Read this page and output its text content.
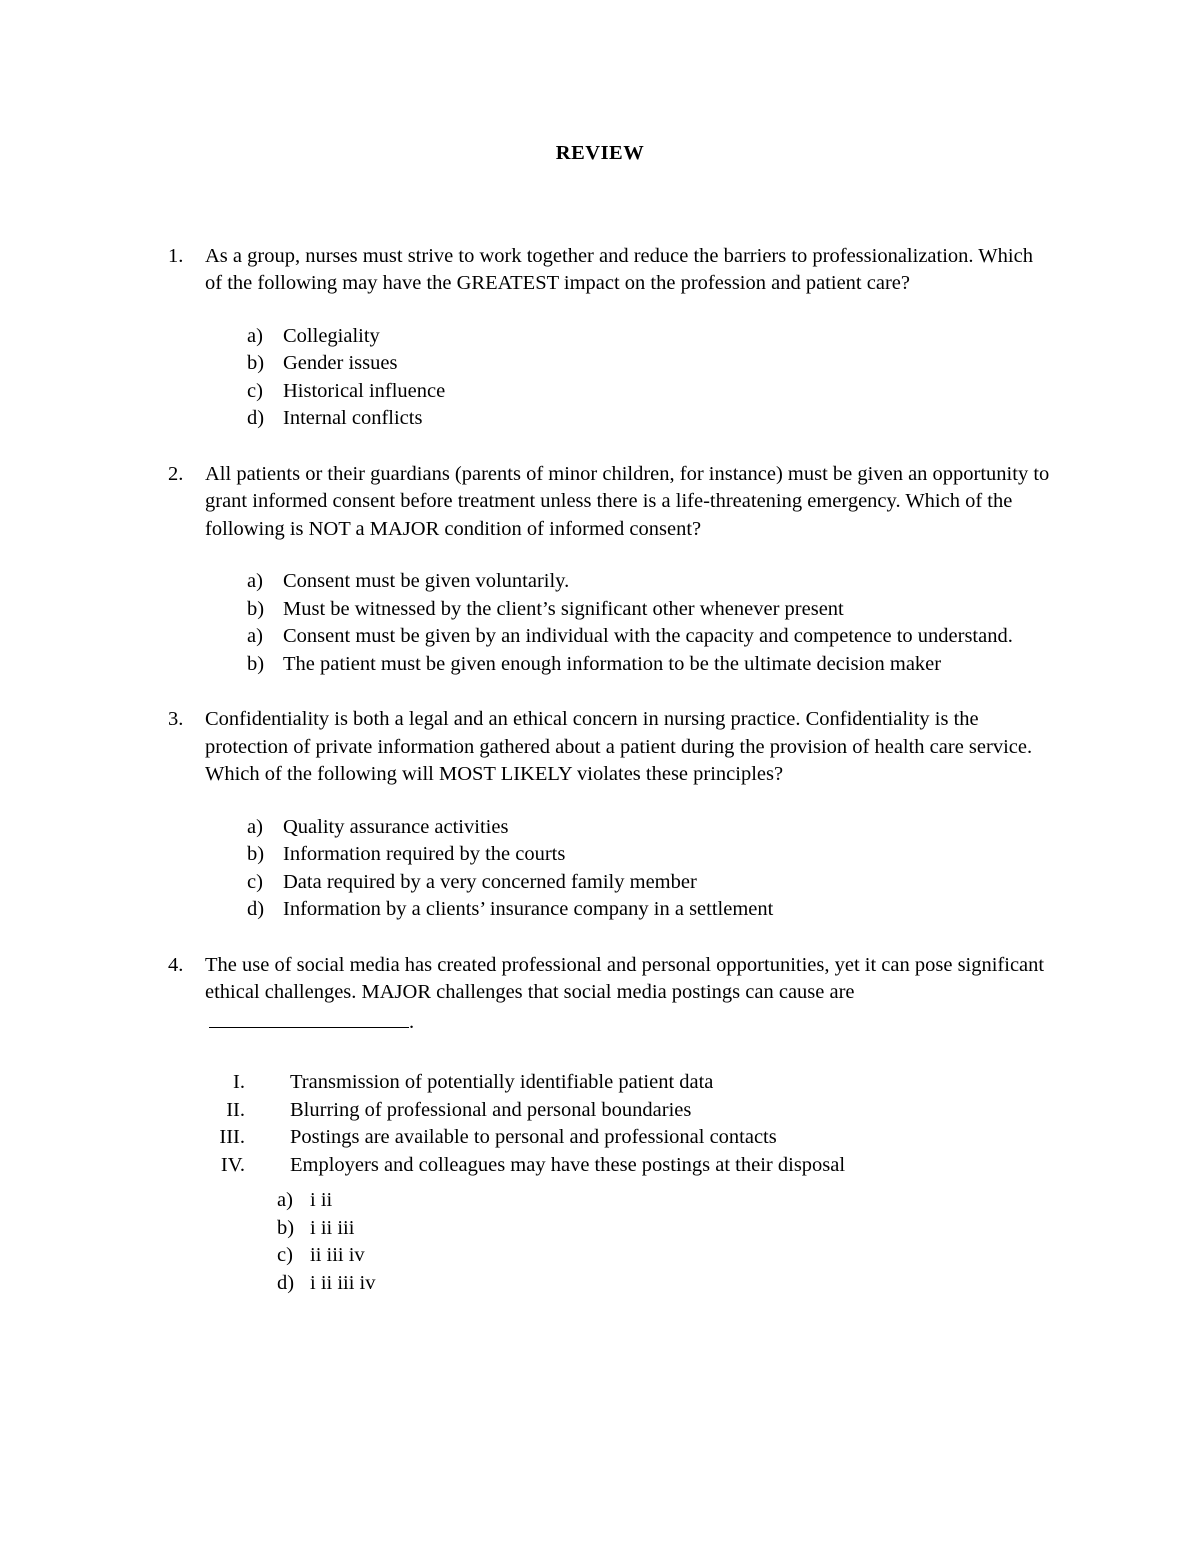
REVIEW
1.	As a group, nurses must strive to work together and reduce the barriers to professionalization. Which of the following may have the GREATEST impact on the profession and patient care?
a) Collegiality
b) Gender issues
c) Historical influence
d) Internal conflicts
2.	All patients or their guardians (parents of minor children, for instance) must be given an opportunity to grant informed consent before treatment unless there is a life-threatening emergency. Which of the following is NOT a MAJOR condition of informed consent?
a) Consent must be given voluntarily.
b) Must be witnessed by the client’s significant other whenever present
a) Consent must be given by an individual with the capacity and competence to understand.
b) The patient must be given enough information to be the ultimate decision maker
3.	Confidentiality is both a legal and an ethical concern in nursing practice. Confidentiality is the protection of private information gathered about a patient during the provision of health care service. Which of the following will MOST LIKELY violates these principles?
a) Quality assurance activities
b) Information required by the courts
c) Data required by a very concerned family member
d) Information by a clients’ insurance company in a settlement
4.	The use of social media has created professional and personal opportunities, yet it can pose significant ethical challenges. MAJOR challenges that social media postings can cause are.
I.	Transmission of potentially identifiable patient data
II.	Blurring of professional and personal boundaries
III.	Postings are available to personal and professional contacts
IV.	Employers and colleagues may have these postings at their disposal
a) i ii
b) i ii iii
c) ii iii iv
d) i ii iii iv
